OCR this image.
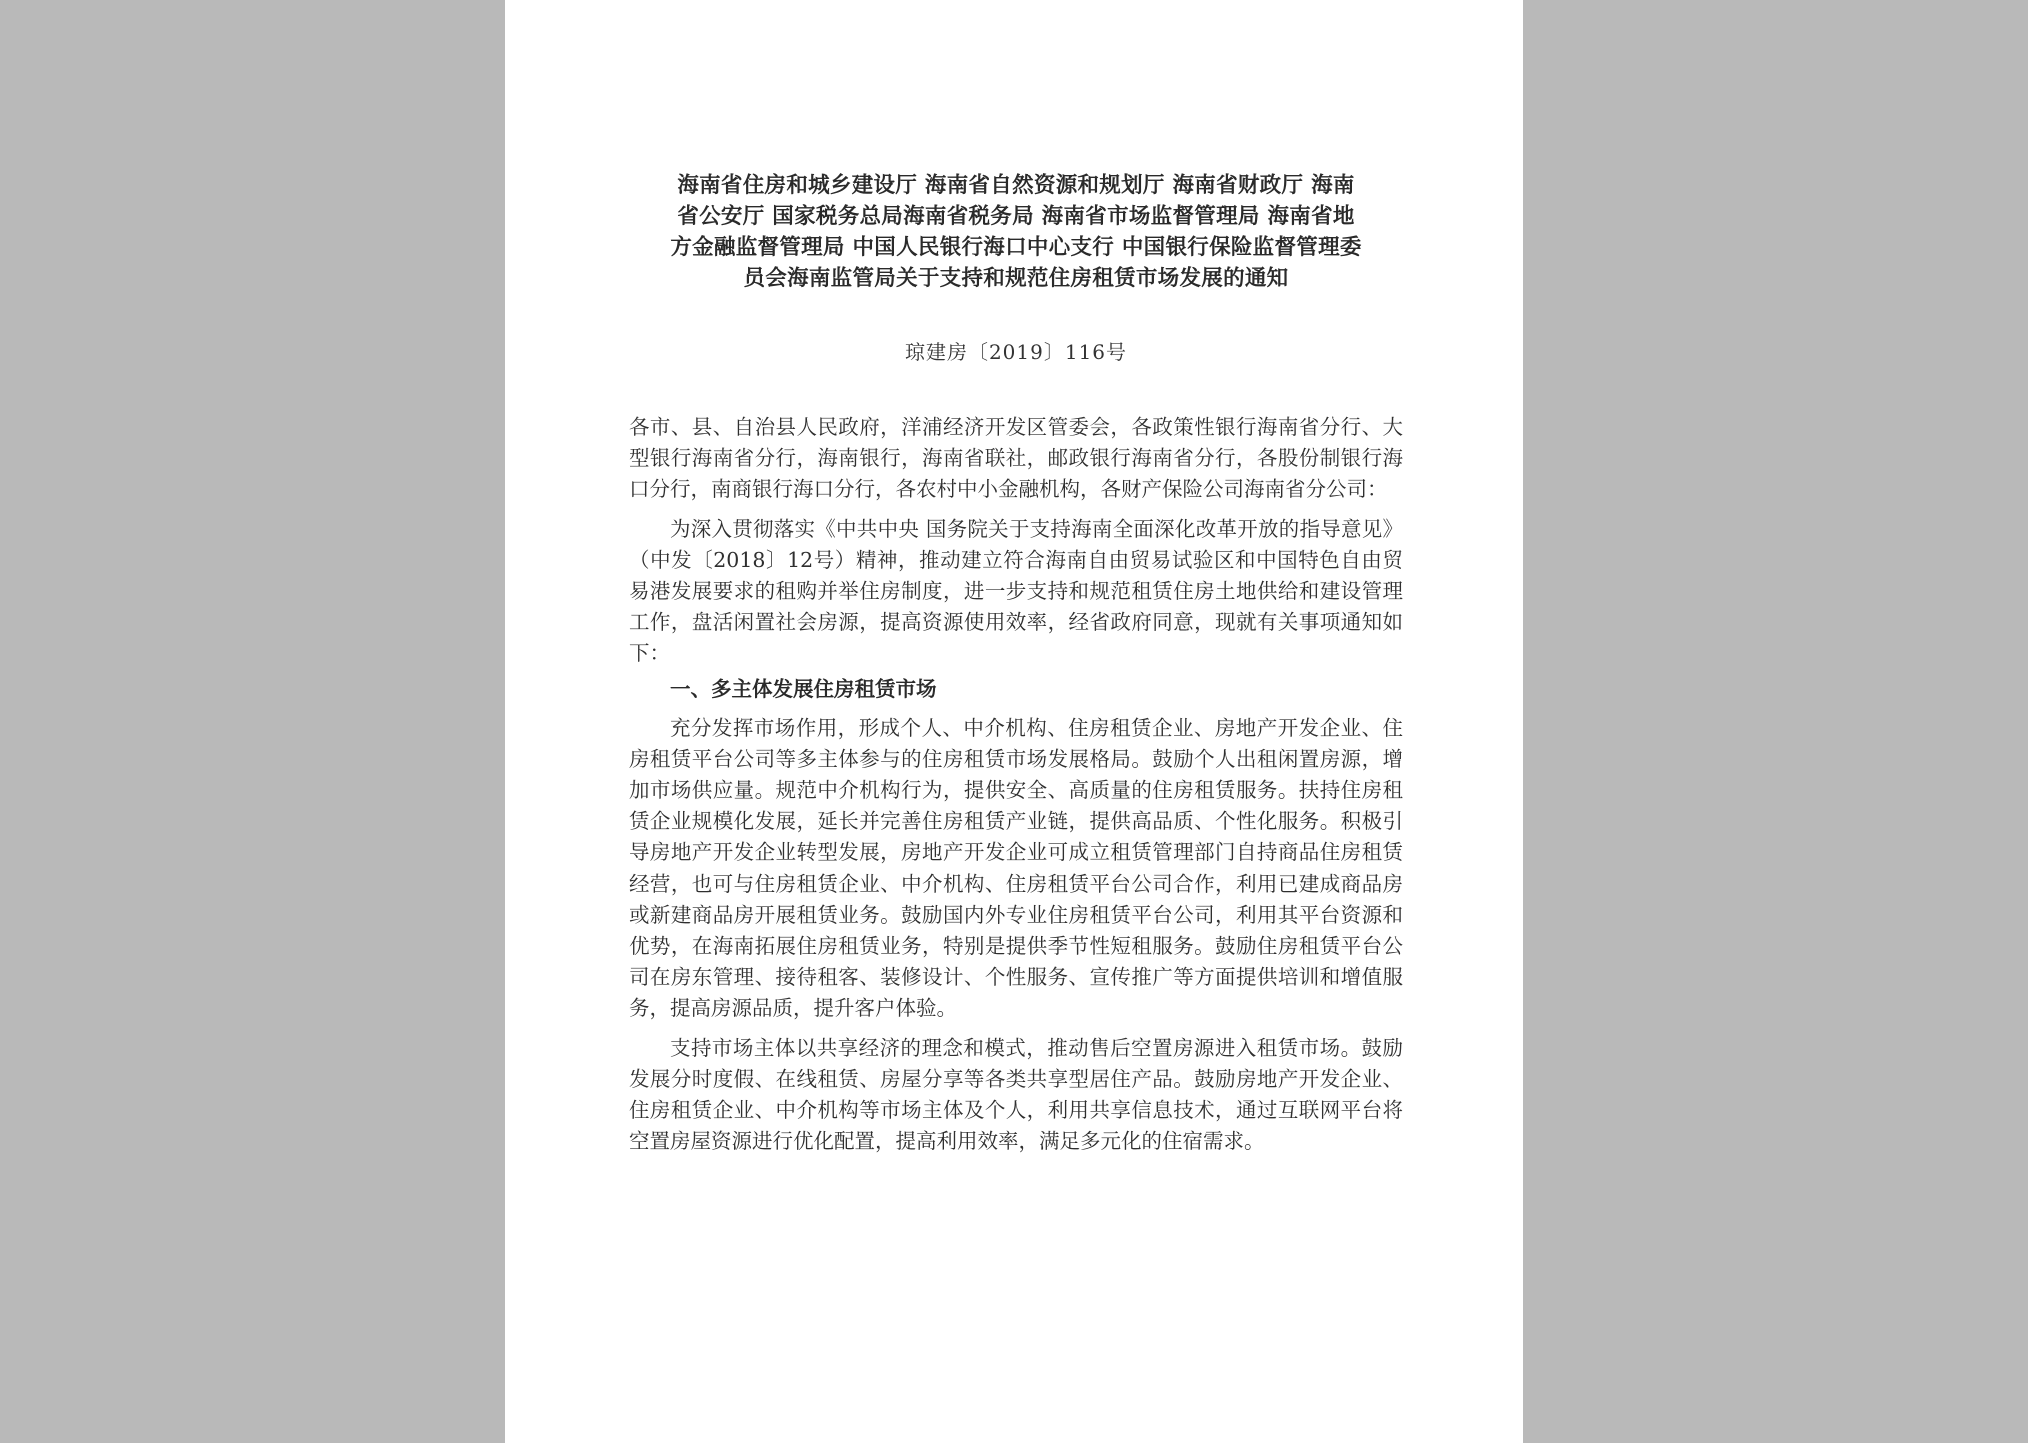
海南省住房和城乡建设厅 海南省自然资源和规划厅 海南省财政厅 海南
省公安厅 国家税务总局海南省税务局 海南省市场监督管理局 海南省地
方金融监督管理局 中国人民银行海口中心支行 中国银行保险监督管理委
员会海南监管局关于支持和规范住房租赁市场发展的通知

琼建房〔2019〕116号

各市、县、自治县人民政府，洋浦经济开发区管委会，各政策性银行海南省分行、大型银行海南省分行，海南银行，海南省联社，邮政银行海南省分行，各股份制银行海口分行，南商银行海口分行，各农村中小金融机构，各财产保险公司海南省分公司：

为深入贯彻落实《中共中央 国务院关于支持海南全面深化改革开放的指导意见》（中发〔2018〕12号）精神，推动建立符合海南自由贸易试验区和中国特色自由贸易港发展要求的租购并举住房制度，进一步支持和规范租赁住房土地供给和建设管理工作，盘活闲置社会房源，提高资源使用效率，经省政府同意，现就有关事项通知如下：

一、多主体发展住房租赁市场

充分发挥市场作用，形成个人、中介机构、住房租赁企业、房地产开发企业、住房租赁平台公司等多主体参与的住房租赁市场发展格局。鼓励个人出租闲置房源，增加市场供应量。规范中介机构行为，提供安全、高质量的住房租赁服务。扶持住房租赁企业规模化发展，延长并完善住房租赁产业链，提供高品质、个性化服务。积极引导房地产开发企业转型发展，房地产开发企业可成立租赁管理部门自持商品住房租赁经营，也可与住房租赁企业、中介机构、住房租赁平台公司合作，利用已建成商品房或新建商品房开展租赁业务。鼓励国内外专业住房租赁平台公司，利用其平台资源和优势，在海南拓展住房租赁业务，特别是提供季节性短租服务。鼓励住房租赁平台公司在房东管理、接待租客、装修设计、个性服务、宣传推广等方面提供培训和增值服务，提高房源品质，提升客户体验。

支持市场主体以共享经济的理念和模式，推动售后空置房源进入租赁市场。鼓励发展分时度假、在线租赁、房屋分享等各类共享型居住产品。鼓励房地产开发企业、住房租赁企业、中介机构等市场主体及个人，利用共享信息技术，通过互联网平台将空置房屋资源进行优化配置，提高利用效率，满足多元化的住宿需求。
